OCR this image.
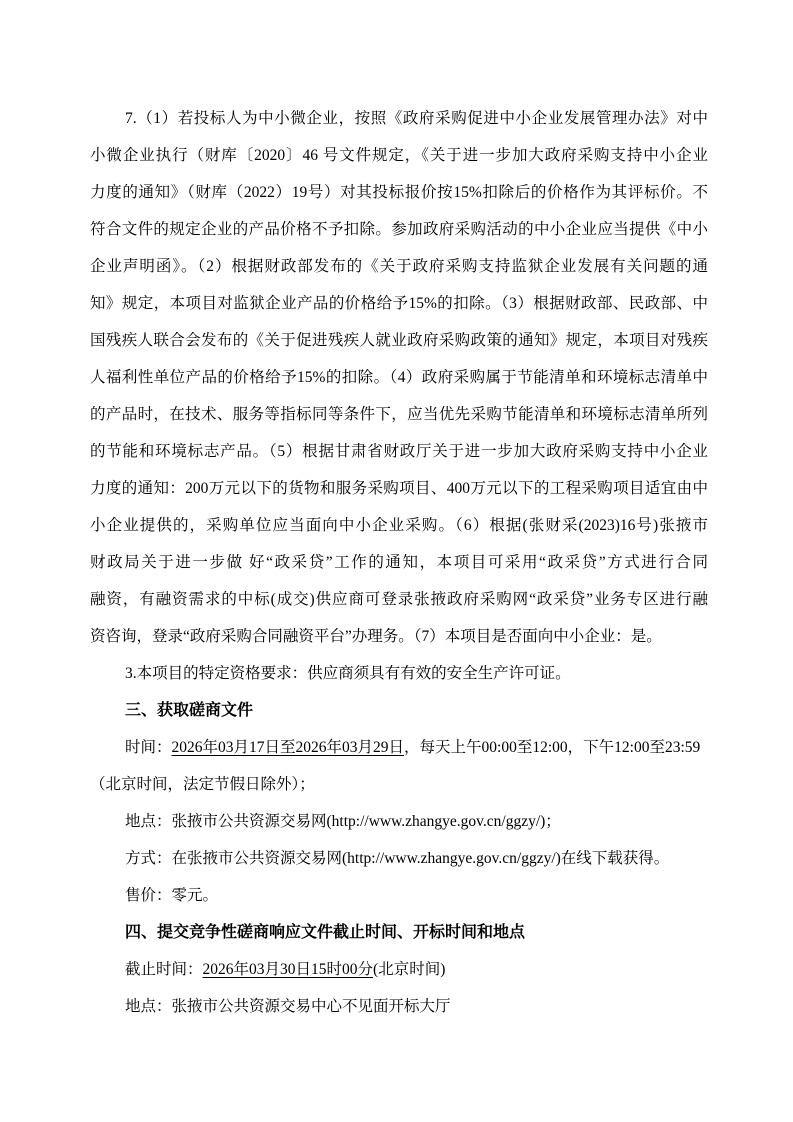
7.（1）若投标人为中小微企业，按照《政府采购促进中小企业发展管理办法》对中
小微企业执行（财库〔2020〕46 号文件规定，《关于进一步加大政府采购支持中小企业
力度的通知》（财库（2022）19号）对其投标报价按15%扣除后的价格作为其评标价。不
符合文件的规定企业的产品价格不予扣除。参加政府采购活动的中小企业应当提供《中小
企业声明函》。（2）根据财政部发布的《关于政府采购支持监狱企业发展有关问题的通
知》规定，本项目对监狱企业产品的价格给予15%的扣除。（3）根据财政部、民政部、中
国残疾人联合会发布的《关于促进残疾人就业政府采购政策的通知》规定，本项目对残疾
人福利性单位产品的价格给予15%的扣除。（4）政府采购属于节能清单和环境标志清单中
的产品时，在技术、服务等指标同等条件下，应当优先采购节能清单和环境标志清单所列
的节能和环境标志产品。（5）根据甘肃省财政厅关于进一步加大政府采购支持中小企业
力度的通知：200万元以下的货物和服务采购项目、400万元以下的工程采购项目适宜由中
小企业提供的，采购单位应当面向中小企业采购。（6）根据(张财采(2023)16号)张掖市
财政局关于进一步做 好“政采贷”工作的通知，本项目可采用“政采贷”方式进行合同
融资，有融资需求的中标(成交)供应商可登录张掖政府采购网“政采贷”业务专区进行融
资咨询，登录“政府采购合同融资平台”办理务。（7）本项目是否面向中小企业：是。
3.本项目的特定资格要求：供应商须具有有效的安全生产许可证。
三、获取磋商文件
时间：2026年03月17日至2026年03月29日，每天上午00:00至12:00，下午12:00至23:59
（北京时间，法定节假日除外）；
地点：张掖市公共资源交易网(http://www.zhangye.gov.cn/ggzy/)；
方式：在张掖市公共资源交易网(http://www.zhangye.gov.cn/ggzy/)在线下载获得。
售价：零元。
四、提交竞争性磋商响应文件截止时间、开标时间和地点
截止时间：2026年03月30日15时00分(北京时间)
地点：张掖市公共资源交易中心不见面开标大厅
